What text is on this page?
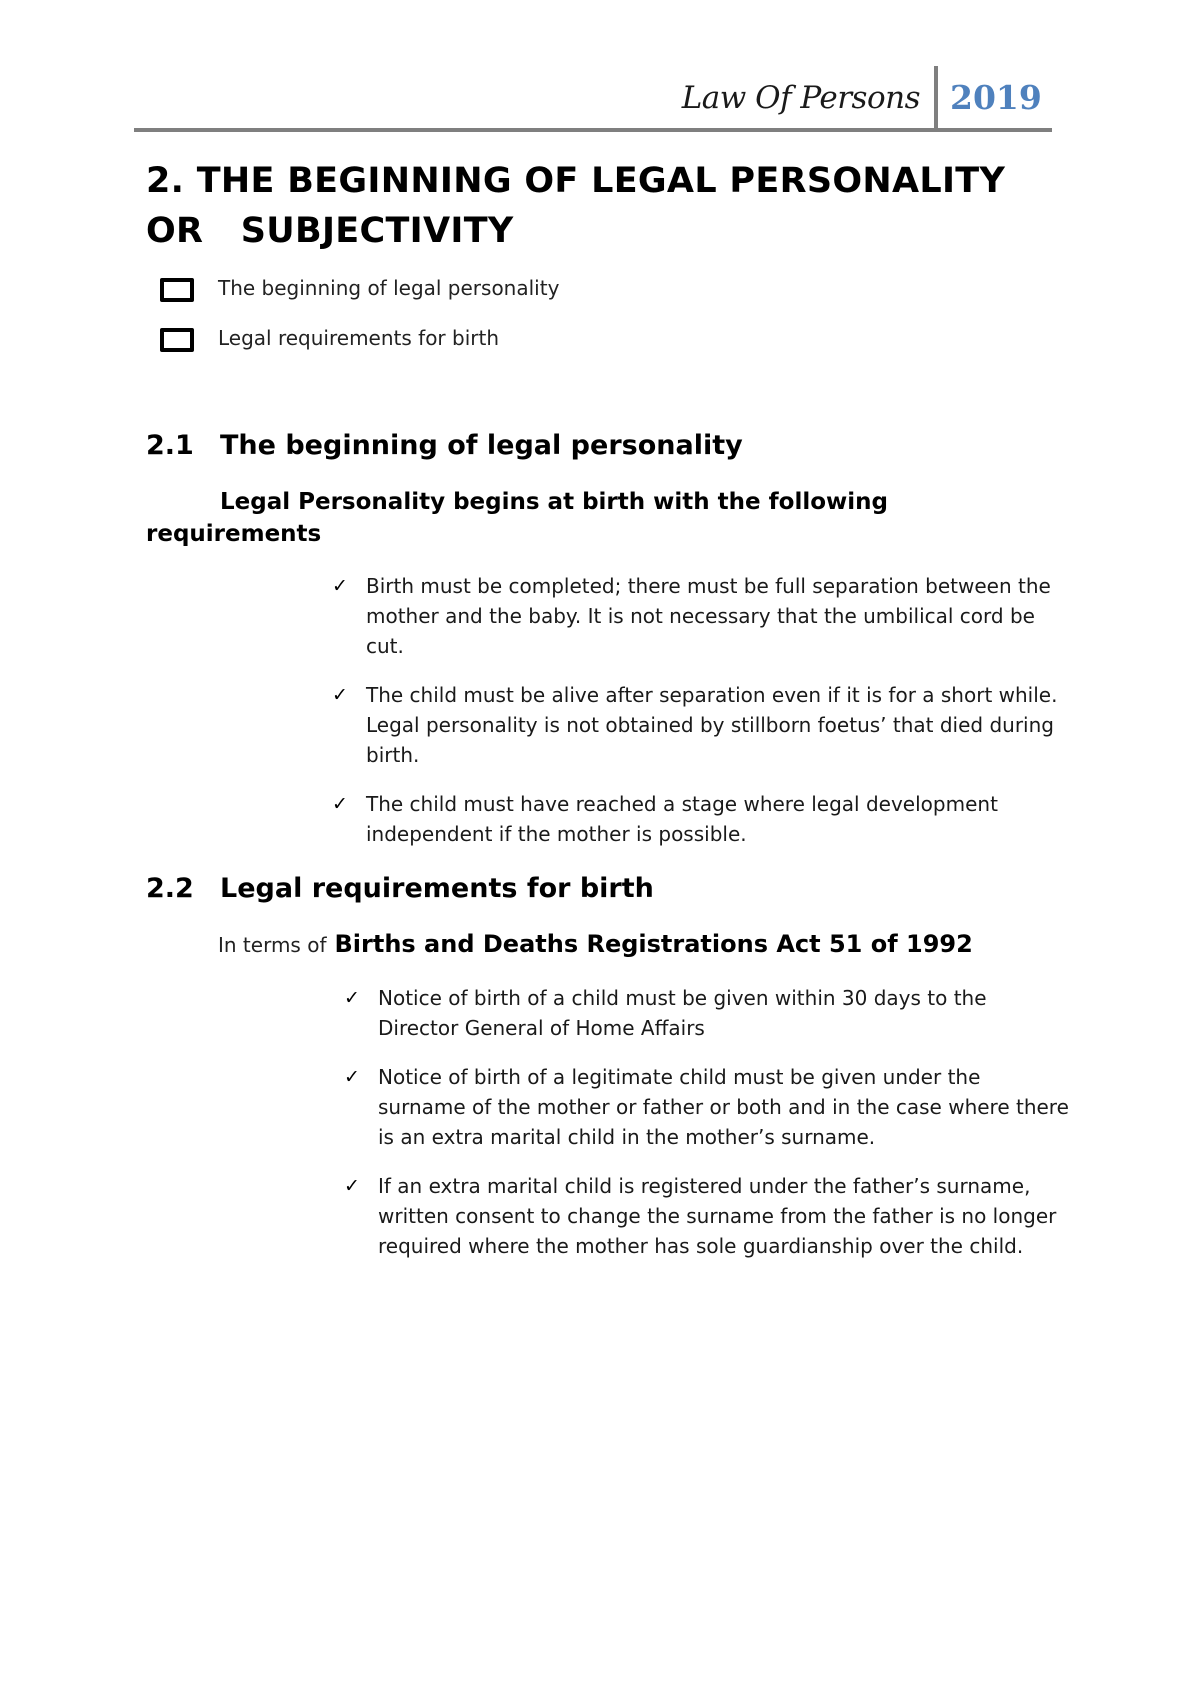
Law Of Persons 2019
2. THE BEGINNING OF LEGAL PERSONALITY
OR   SUBJECTIVITY
The beginning of legal personality
Legal requirements for birth
2.1 The beginning of legal personality
Legal Personality begins at birth with the following requirements
✓ Birth must be completed; there must be full separation between the mother and the baby. It is not necessary that the umbilical cord be cut.
✓ The child must be alive after separation even if it is for a short while. Legal personality is not obtained by stillborn foetus’ that died during birth.
✓ The child must have reached a stage where legal development independent if the mother is possible.
2.2 Legal requirements for birth
In terms of Births and Deaths Registrations Act 51 of 1992
✓ Notice of birth of a child must be given within 30 days to the Director General of Home Affairs
✓ Notice of birth of a legitimate child must be given under the surname of the mother or father or both and in the case where there is an extra marital child in the mother’s surname.
✓ If an extra marital child is registered under the father’s surname, written consent to change the surname from the father is no longer required where the mother has sole guardianship over the child.
